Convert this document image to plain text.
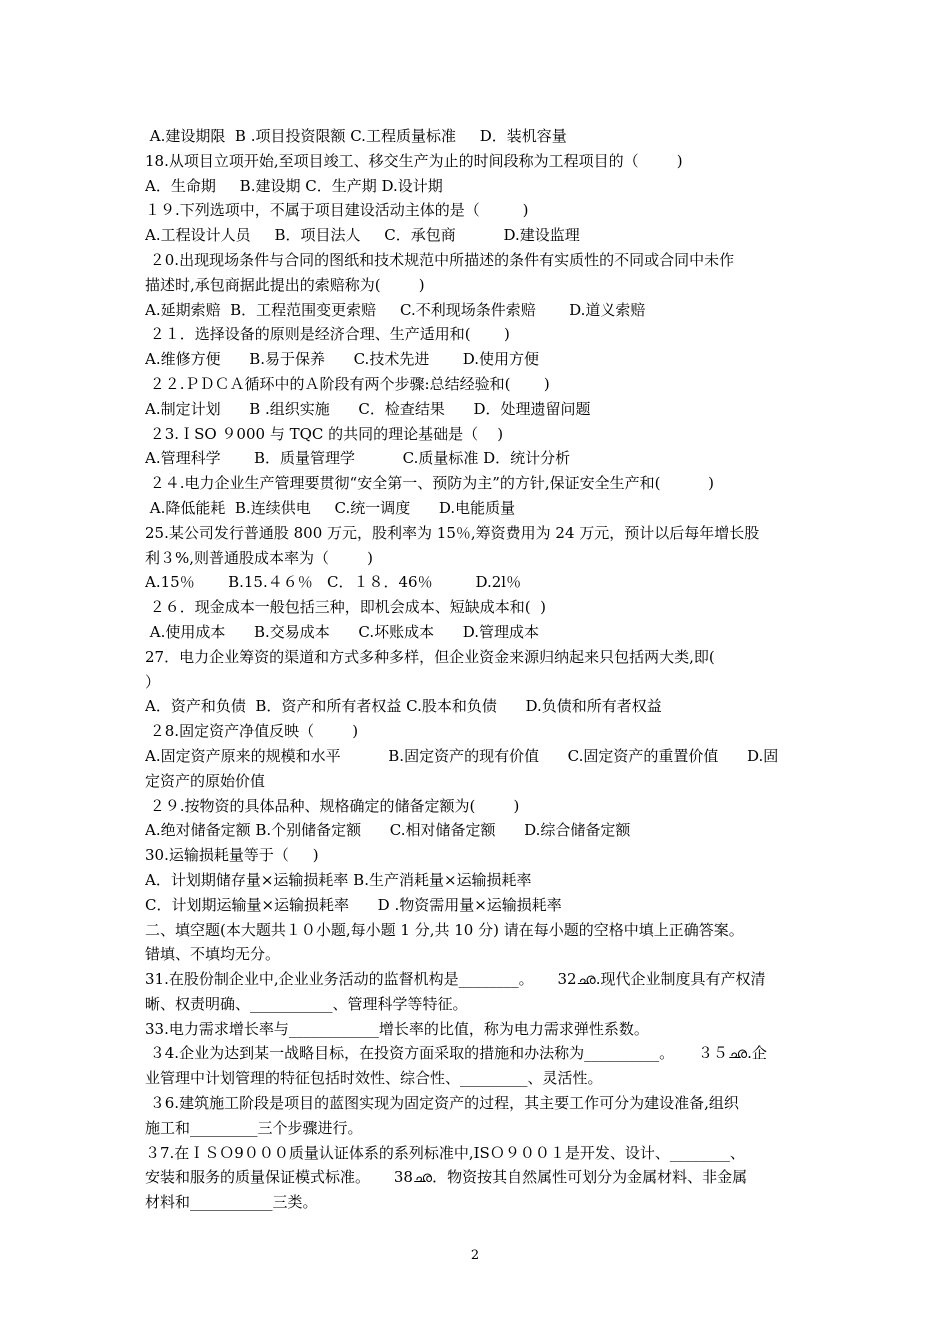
A.建设期限  B .项目投资限额 C.工程质量标准     D．装机容量
18.从项目立项开始,至项目竣工、移交生产为止的时间段称为工程项目的（        )
A．生命期     B.建设期 C．生产期 D.设计期
１９.下列选项中，不属于项目建设活动主体的是（         )
A.工程设计人员     B．项目法人     C．承包商          D.建设监理
２0.出现现场条件与合同的图纸和技术规范中所描述的条件有实质性的不同或合同中未作
描述时,承包商据此提出的索赔称为(        )
A.延期索赔  B．工程范围变更索赔     C.不利现场条件索赔       D.道义索赔
２１．选择设备的原则是经济合理、生产适用和(       )
A.维修方便      B.易于保养      C.技术先进       D.使用方便
２２.ＰＤＣＡ循环中的Ａ阶段有两个步骤:总结经验和(       )
A.制定计划      B .组织实施      C．检查结果      D．处理遗留问题
２3.ＩSO ９000 与 TQC 的共同的理论基础是（    )
A.管理科学       B．质量管理学          C.质量标准 D．统计分析
２４.电力企业生产管理要贯彻“安全第一、预防为主”的方针,保证安全生产和(          )
A.降低能耗  B.连续供电     C.统一调度      D.电能质量
25.某公司发行普通股 800 万元，股利率为 15％,筹资费用为 24 万元，预计以后每年增长股
利３%,则普通股成本率为（        )
A.15％       B.15.４６％   C．１８．46％         D.2l％
２６．现金成本一般包括三种，即机会成本、短缺成本和(  )
A.使用成本      B.交易成本      C.坏账成本      D.管理成本
27．电力企业筹资的渠道和方式多种多样，但企业资金来源归纳起来只包括两大类,即(
）
A．资产和负债  B．资产和所有者权益 C.股本和负债      D.负债和所有者权益
２8.固定资产净值反映（        )
A.固定资产原来的规模和水平          B.固定资产的现有价值      C.固定资产的重置价值      D.固
定资产的原始价值
２９.按物资的具体品种、规格确定的储备定额为(        )
A.绝对储备定额 B.个别储备定额      C.相对储备定额      D.综合储备定额
30.运输损耗量等于（     )
A．计划期储存量×运输损耗率 B.生产消耗量×运输损耗率
C．计划期运输量×运输损耗率      D .物资需用量×运输损耗率
二、填空题(本大题共１０小题,每小题 1 分,共 10 分) 请在每小题的空格中填上正确答案。
错填、不填均无分。
31.在股份制企业中,企业业务活动的监督机构是________。     32ഛ.现代企业制度具有产权清
晰、权责明确、___________、管理科学等特征。
33.电力需求增长率与____________增长率的比值，称为电力需求弹性系数。
３4.企业为达到某一战略目标，在投资方面采取的措施和办法称为__________。     ３５ഛ.企
业管理中计划管理的特征包括时效性、综合性、_________、灵活性。
３6.建筑施工阶段是项目的蓝图实现为固定资产的过程，其主要工作可分为建设准备,组织
施工和_________三个步骤进行。
３7.在ＩＳＯ9０００质量认证体系的系列标准中,ISＯ９００１是开发、设计、________、
安装和服务的质量保证模式标准。     38ഛ．物资按其自然属性可划分为金属材料、非金属
材料和___________三类。
2
